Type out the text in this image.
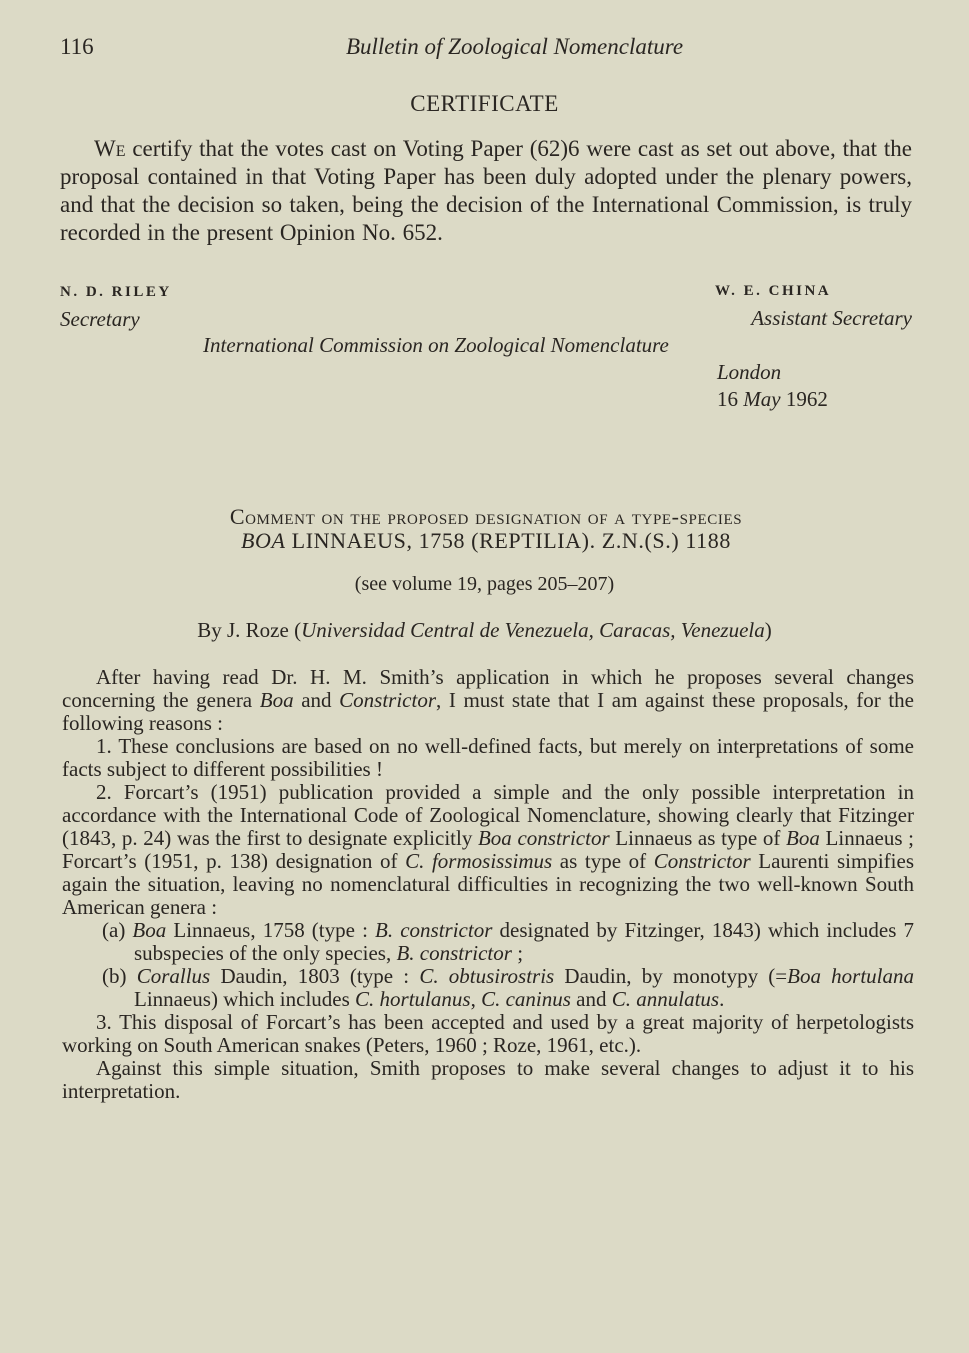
116	Bulletin of Zoological Nomenclature
CERTIFICATE
We certify that the votes cast on Voting Paper (62)6 were cast as set out above, that the proposal contained in that Voting Paper has been duly adopted under the plenary powers, and that the decision so taken, being the decision of the International Commission, is truly recorded in the present Opinion No. 652.
N. D. RILEY	W. E. CHINA
Secretary	Assistant Secretary
International Commission on Zoological Nomenclature
London
16 May 1962
Comment on the proposed designation of a type-species
BOA LINNAEUS, 1758 (REPTILIA). Z.N.(S.) 1188
(see volume 19, pages 205–207)
By J. Roze (Universidad Central de Venezuela, Caracas, Venezuela)

After having read Dr. H. M. Smith’s application in which he proposes several changes concerning the genera Boa and Constrictor, I must state that I am against these proposals, for the following reasons :

1. These conclusions are based on no well-defined facts, but merely on interpretations of some facts subject to different possibilities !

2. Forcart’s (1951) publication provided a simple and the only possible interpretation in accordance with the International Code of Zoological Nomenclature, showing clearly that Fitzinger (1843, p. 24) was the first to designate explicitly Boa constrictor Linnaeus as type of Boa Linnaeus ; Forcart’s (1951, p. 138) designation of C. formosissimus as type of Constrictor Laurenti simpifies again the situation, leaving no nomenclatural difficulties in recognizing the two well-known South American genera :

(a) Boa Linnaeus, 1758 (type : B. constrictor designated by Fitzinger, 1843) which includes 7 subspecies of the only species, B. constrictor ;

(b) Corallus Daudin, 1803 (type : C. obtusirostris Daudin, by monotypy (=Boa hortulana Linnaeus) which includes C. hortulanus, C. caninus and C. annulatus.

3. This disposal of Forcart’s has been accepted and used by a great majority of herpetologists working on South American snakes (Peters, 1960 ; Roze, 1961, etc.).

Against this simple situation, Smith proposes to make several changes to adjust it to his interpretation.
